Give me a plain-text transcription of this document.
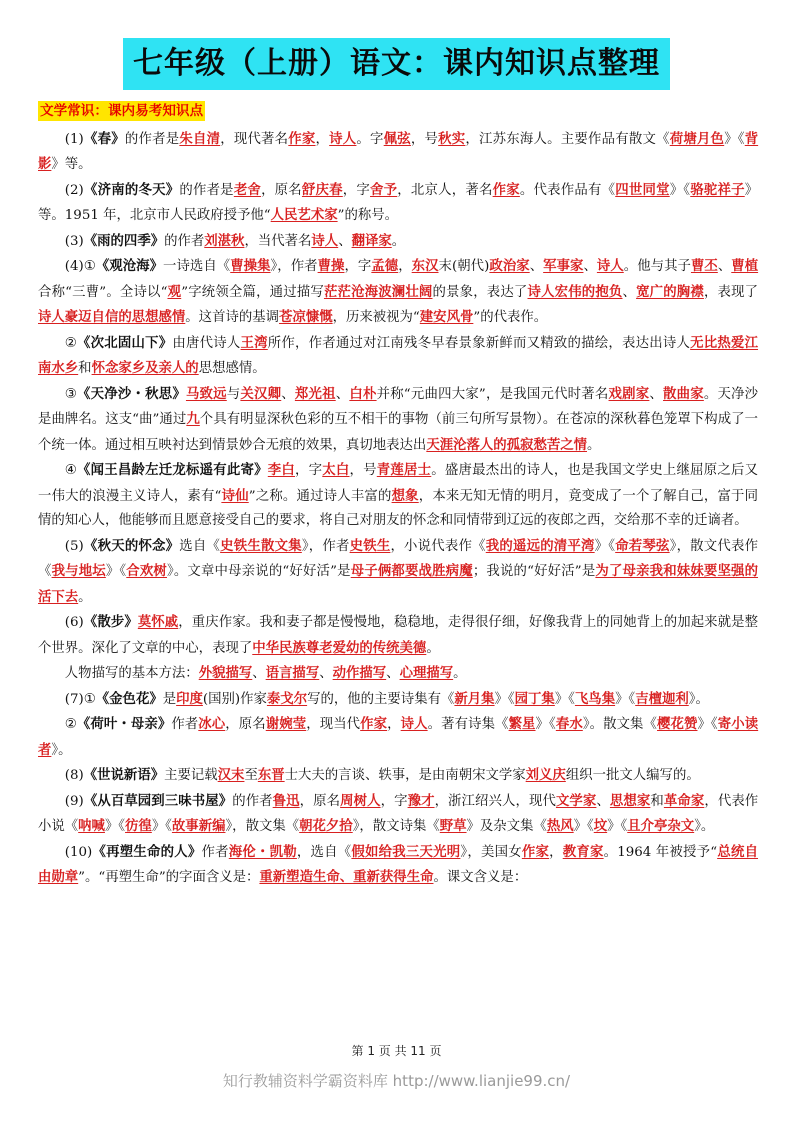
七年级（上册）语文：课内知识点整理
文学常识：课内易考知识点

(1)《春》的作者是朱自清，现代著名作家，诗人。字佩弦，号秋实，江苏东海人。主要作品有散文《荷塘月色》《背影》等。

(2)《济南的冬天》的作者是老舍，原名舒庆春，字舍予，北京人，著名作家。代表作品有《四世同堂》《骆驼祥子》等。1951 年，北京市人民政府授予他“人民艺术家”的称号。

(3)《雨的四季》的作者刘湛秋，当代著名诗人、翻译家。

(4)①《观沧海》一诗选自《曹操集》，作者曹操，字孟德，东汉末(朝代)政治家、军事家、诗人。他与其子曹丕、曹植合称“三曹”。全诗以“观”字统领全篇，通过描写茫茫沧海波澜壮阔的景象，表达了诗人宏伟的抱负、宽广的胸襟，表现了诗人豪迈自信的思想感情。这首诗的基调苍凉慷慨，历来被视为“建安风骨”的代表作。

②《次北固山下》由唐代诗人王湾所作，作者通过对江南残冬早春景象新鲜而又精致的描绘，表达出诗人无比热爱江南水乡和怀念家乡及亲人的思想感情。

③《天净沙・秋思》马致远与关汉卿、郑光祖、白朴并称“元曲四大家”，是我国元代时著名戏剧家、散曲家。天净沙是曲牌名。这支“曲”通过九个具有明显深秋色彩的互不相干的事物（前三句所写景物）。在苍凉的深秋暮色笼罩下构成了一个统一体。通过相互映衬达到情景妙合无痕的效果，真切地表达出天涯沦落人的孤寂愁苦之情。

④《闻王昌龄左迁龙标遥有此寄》李白，字太白，号青莲居士。盛唐最杰出的诗人，也是我国文学史上继屈原之后又一伟大的浪漫主义诗人，素有“诗仙”之称。通过诗人丰富的想象，本来无知无情的明月，竟变成了一个了解自己，富于同情的知心人，他能够而且愿意接受自己的要求，将自己对朋友的怀念和同情带到辽远的夜郎之西，交给那不幸的迁谪者。

(5)《秋天的怀念》选自《史铁生散文集》，作者史铁生，小说代表作《我的遥远的清平湾》《命若琴弦》，散文代表作《我与地坛》《合欢树》。文章中母亲说的“好好活”是母子俩都要战胜病魔；我说的“好好活”是为了母亲我和妹妹要坚强的活下去。

(6)《散步》莫怀戚，重庆作家。我和妻子都是慢慢地，稳稳地，走得很仔细，好像我背上的同她背上的加起来就是整个世界。深化了文章的中心，表现了中华民族尊老爱幼的传统美德。

人物描写的基本方法：外貌描写、语言描写、动作描写、心理描写。

(7)①《金色花》是印度(国别)作家泰戈尔写的，他的主要诗集有《新月集》《园丁集》《飞鸟集》《吉檀迦利》。

②《荷叶・母亲》作者冰心，原名谢婉莹，现当代作家，诗人。著有诗集《繁星》《春水》。散文集《樱花赞》《寄小读者》。

(8)《世说新语》主要记载汉末至东晋士大夫的言谈、轶事，是由南朝宋文学家刘义庆组织一批文人编写的。

(9)《从百草园到三味书屋》的作者鲁迅，原名周树人，字豫才，浙江绍兴人，现代文学家、思想家和革命家，代表作小说《呐喊》《彷徨》《故事新编》，散文集《朝花夕拾》，散文诗集《野草》及杂文集《热风》《坟》《且介亭杂文》。

(10)《再塑生命的人》作者海伦・凯勒，选自《假如给我三天光明》，美国女作家，教育家。1964 年被授予“总统自由勋章”。“再塑生命”的字面含义是：重新塑造生命、重新获得生命。课文含义是：

第 1 页 共 11 页
知行教辅资料学霸资料库 http://www.lianjie99.cn/
